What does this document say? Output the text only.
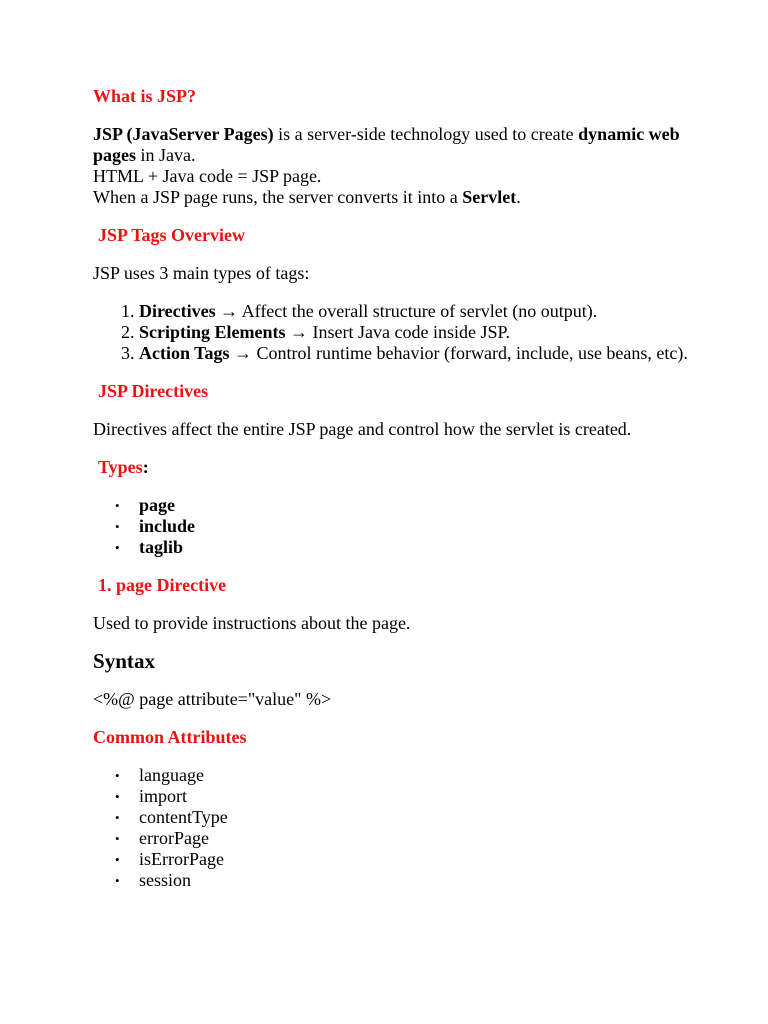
What is JSP?

JSP (JavaServer Pages) is a server-side technology used to create dynamic web pages in Java.
HTML + Java code = JSP page.
When a JSP page runs, the server converts it into a Servlet.

JSP Tags Overview

JSP uses 3 main types of tags:

1. Directives → Affect the overall structure of servlet (no output).
2. Scripting Elements → Insert Java code inside JSP.
3. Action Tags → Control runtime behavior (forward, include, use beans, etc).
JSP Directives

Directives affect the entire JSP page and control how the servlet is created.

Types:
• page
• include
• taglib
1. page Directive

Used to provide instructions about the page.

Syntax

<%@ page attribute="value" %>

Common Attributes
• language
• import
• contentType
• errorPage
• isErrorPage
• session
